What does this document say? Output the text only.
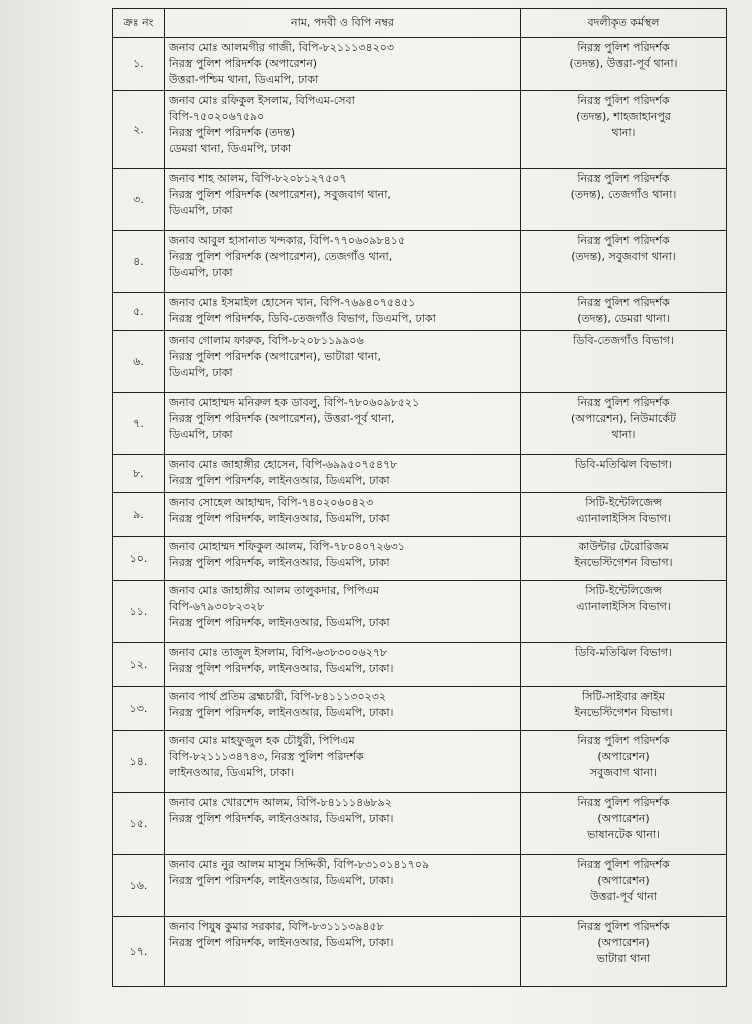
ক্রঃ নং	নাম, পদবী ও বিপি নম্বর	বদলীকৃত কর্মস্থল
১.	জনাব মোঃ আলমগীর গাজী, বিপি-৮২১১১৩৪২০৩
নিরস্ত্র পুলিশ পরিদর্শক (অপারেশন)
উত্তরা-পশ্চিম থানা, ডিএমপি, ঢাকা	নিরস্ত্র পুলিশ পরিদর্শক
(তদন্ত), উত্তরা-পূর্ব থানা।

২.	জনাব মোঃ রফিকুল ইসলাম, বিপিএম-সেবা
বিপি-৭৫০২০৬৭৫৯০
নিরস্ত্র পুলিশ পরিদর্শক (তদন্ত)
ডেমরা থানা, ডিএমপি, ঢাকা	নিরস্ত্র পুলিশ পরিদর্শক
(তদন্ত), শাহজাহানপুর
থানা।

৩.	জনাব শাহ আলম, বিপি-৮২০৮১২৭৫০৭
নিরস্ত্র পুলিশ পরিদর্শক (অপারেশন), সবুজবাগ থানা,
ডিএমপি, ঢাকা	নিরস্ত্র পুলিশ পরিদর্শক
(তদন্ত), তেজগাঁও থানা।

৪.	জনাব আবুল হাসানাত খন্দকার, বিপি-৭৭০৬০৯৮৪১৫
নিরস্ত্র পুলিশ পরিদর্শক (অপারেশন), তেজগাঁও থানা,
ডিএমপি, ঢাকা	নিরস্ত্র পুলিশ পরিদর্শক
(তদন্ত), সবুজবাগ থানা।

৫.	জনাব মোঃ ইসমাইল হোসেন খান, বিপি-৭৬৯৪০৭৫৪৫১
নিরস্ত্র পুলিশ পরিদর্শক, ডিবি-তেজগাঁও বিভাগ, ডিএমপি, ঢাকা	নিরস্ত্র পুলিশ পরিদর্শক
(তদন্ত), ডেমরা থানা।

৬.	জনাব গোলাম ফারুক, বিপি-৮২০৮১১৯৯০৬
নিরস্ত্র পুলিশ পরিদর্শক (অপারেশন), ভাটারা থানা,
ডিএমপি, ঢাকা	ডিবি-তেজগাঁও বিভাগ।

৭.	জনাব মোহাম্মদ মনিরুল হক ডাবলু, বিপি-৭৮০৬০৯৮৫২১
নিরস্ত্র পুলিশ পরিদর্শক (অপারেশন), উত্তরা-পূর্ব থানা,
ডিএমপি, ঢাকা	নিরস্ত্র পুলিশ পরিদর্শক
(অপারেশন), নিউমার্কেট
থানা।

৮.	জনাব মোঃ জাহাঙ্গীর হোসেন, বিপি-৬৯৯৫০৭৫৪৭৮
নিরস্ত্র পুলিশ পরিদর্শক, লাইনওআর, ডিএমপি, ঢাকা	ডিবি-মতিঝিল বিভাগ।

৯.	জনাব সোহেল আহাম্মদ, বিপি-৭৪০২০৬০৪২৩
নিরস্ত্র পুলিশ পরিদর্শক, লাইনওআর, ডিএমপি, ঢাকা	সিটি-ইন্টেলিজেন্স
এ্যানালাইসিস বিভাগ।

১০.	জনাব মোহাম্মদ শফিকুল আলম, বিপি-৭৮০৪০৭২৬৩১
নিরস্ত্র পুলিশ পরিদর্শক, লাইনওআর, ডিএমপি, ঢাকা	কাউন্টার টেরোরিজম
ইনভেস্টিগেশন বিভাগ।

১১.	জনাব মোঃ জাহাঙ্গীর আলম তালুকদার, পিপিএম
বিপি-৬৭৯৩০৮২৩২৮
নিরস্ত্র পুলিশ পরিদর্শক, লাইনওআর, ডিএমপি, ঢাকা	সিটি-ইন্টেলিজেন্স
এ্যানালাইসিস বিভাগ।

১২.	জনাব মোঃ তাজুল ইসলাম, বিপি-৬৩৮৩০০৬২৭৮
নিরস্ত্র পুলিশ পরিদর্শক, লাইনওআর, ডিএমপি, ঢাকা।	ডিবি-মতিঝিল বিভাগ।

১৩.	জনাব পার্থ প্রতিম ব্রহ্মচারী, বিপি-৮৪১১১৩০২৩২
নিরস্ত্র পুলিশ পরিদর্শক, লাইনওআর, ডিএমপি, ঢাকা।	সিটি-সাইবার ক্রাইম
ইনভেস্টিগেশন বিভাগ।

১৪.	জনাব মোঃ মাহফুজুল হক চৌধুরী, পিপিএম
বিপি-৮২১১১৩৪৭৪৩, নিরস্ত্র পুলিশ পরিদর্শক
লাইনওআর, ডিএমপি, ঢাকা।	নিরস্ত্র পুলিশ পরিদর্শক
(অপারেশন)
সবুজবাগ থানা।

১৫.	জনাব মোঃ খোরশেদ আলম, বিপি-৮৪১১১৪৬৮৯২
নিরস্ত্র পুলিশ পরিদর্শক, লাইনওআর, ডিএমপি, ঢাকা।	নিরস্ত্র পুলিশ পরিদর্শক
(অপারেশন)
ভাষানটেক থানা।

১৬.	জনাব মোঃ নুর আলম মাসুম সিদ্দিকী, বিপি-৮৩১০১৪১৭০৯
নিরস্ত্র পুলিশ পরিদর্শক, লাইনওআর, ডিএমপি, ঢাকা।	নিরস্ত্র পুলিশ পরিদর্শক
(অপারেশন)
উত্তরা-পূর্ব থানা

১৭.	জনাব পিযুষ কুমার সরকার, বিপি-৮৩১১১৩৯৪৫৮
নিরস্ত্র পুলিশ পরিদর্শক, লাইনওআর, ডিএমপি, ঢাকা।	নিরস্ত্র পুলিশ পরিদর্শক
(অপারেশন)
ভাটারা থানা
